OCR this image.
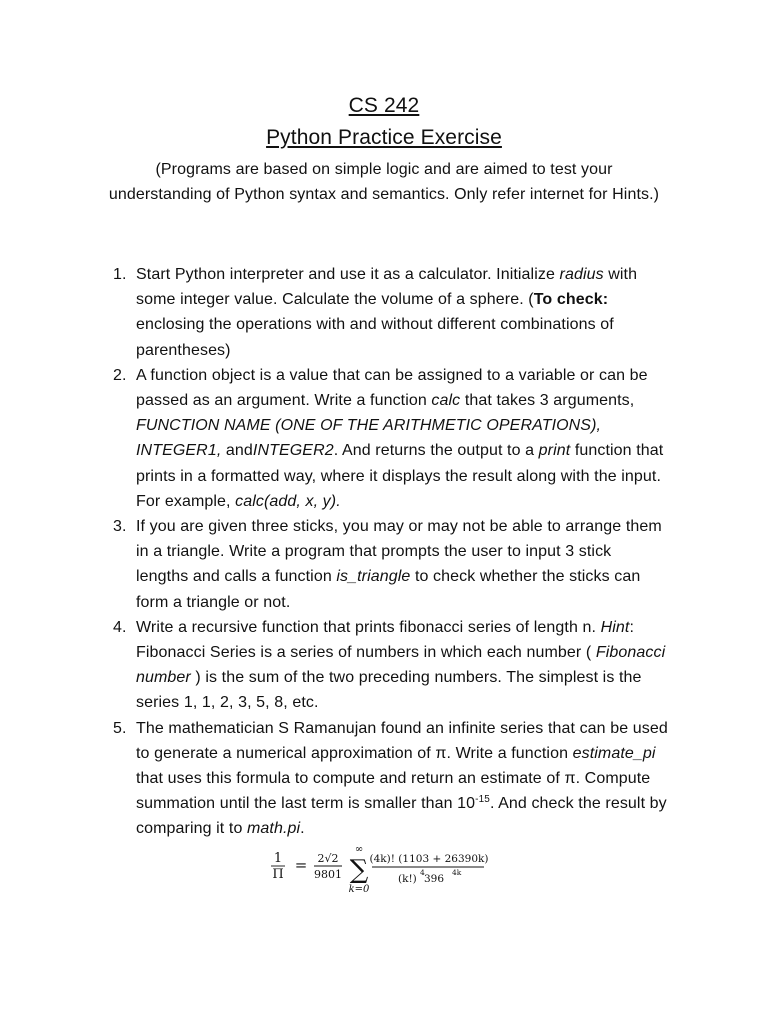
CS 242
Python Practice Exercise
(Programs are based on simple logic and are aimed to test your understanding of Python syntax and semantics. Only refer internet for Hints.)
1. Start Python interpreter and use it as a calculator. Initialize radius with some integer value. Calculate the volume of a sphere. (To check: enclosing the operations with and without different combinations of parentheses)
2. A function object is a value that can be assigned to a variable or can be passed as an argument. Write a function calc that takes 3 arguments, FUNCTION NAME (ONE OF THE ARITHMETIC OPERATIONS), INTEGER1, andINTEGER2. And returns the output to a print function that prints in a formatted way, where it displays the result along with the input. For example, calc(add, x, y).
3. If you are given three sticks, you may or may not be able to arrange them in a triangle. Write a program that prompts the user to input 3 stick lengths and calls a function is_triangle to check whether the sticks can form a triangle or not.
4. Write a recursive function that prints fibonacci series of length n. Hint: Fibonacci Series is a series of numbers in which each number ( Fibonacci number ) is the sum of the two preceding numbers. The simplest is the series 1, 1, 2, 3, 5, 8, etc.
5. The mathematician S Ramanujan found an infinite series that can be used to generate a numerical approximation of π. Write a function estimate_pi that uses this formula to compute and return an estimate of π. Compute summation until the last term is smaller than $10^{-15}$. And check the result by comparing it to math.pi.
1
Π
= 2√2
9801
∞
∑
k=0
(4k)! (1103 + 26390k)
(k!)
4
396
4k
